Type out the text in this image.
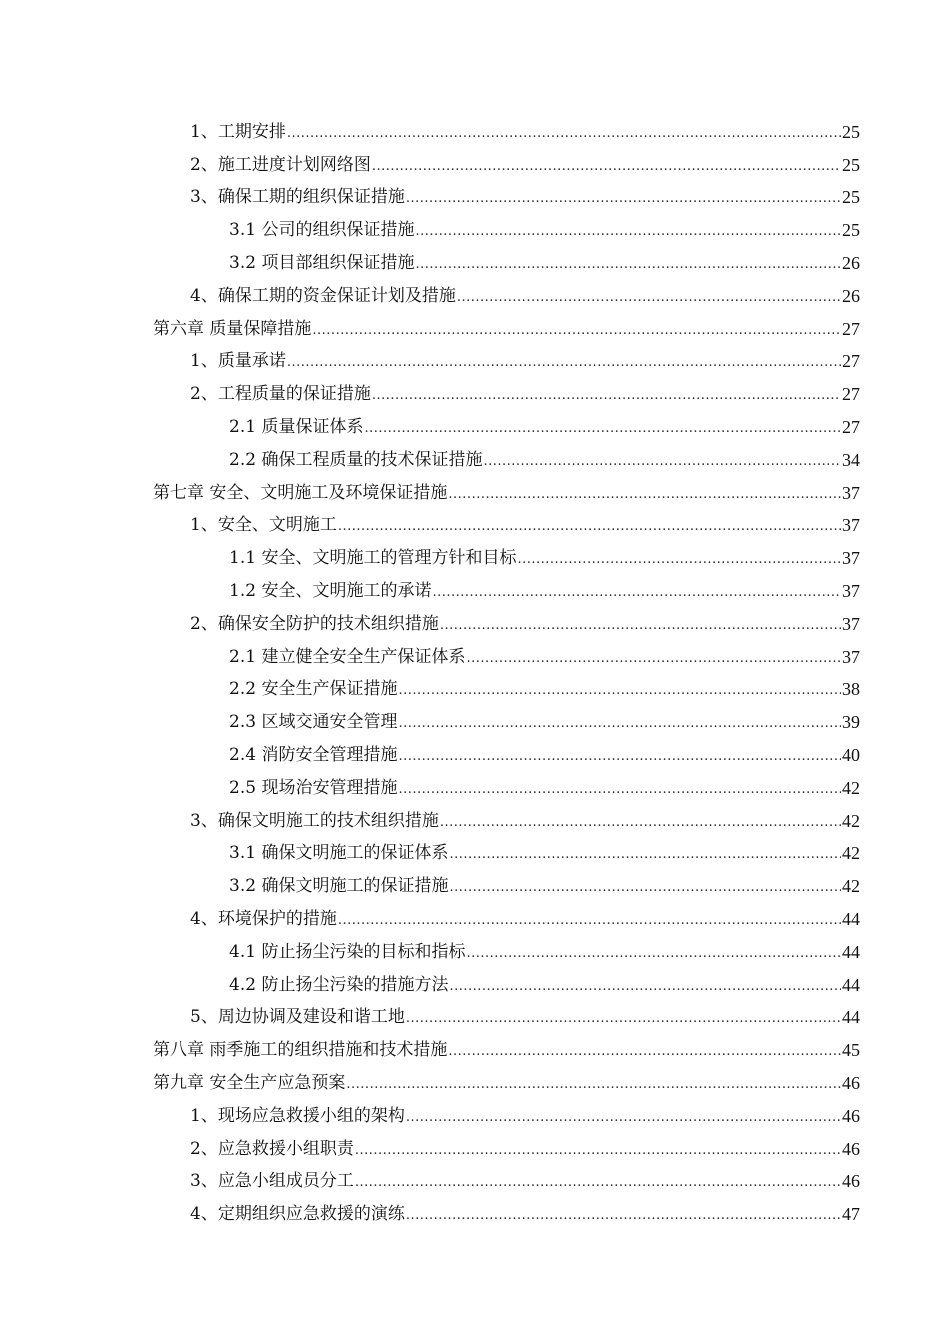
1、工期安排 .....	25
2、施工进度计划网络图 .....	25
3、确保工期的组织保证措施 .....	25
3.1 公司的组织保证措施 .....	25
3.2 项目部组织保证措施 .....	26
4、确保工期的资金保证计划及措施 .....	26
第六章 质量保障措施 .....	27
1、质量承诺 .....	27
2、工程质量的保证措施 .....	27
2.1 质量保证体系 .....	27
2.2 确保工程质量的技术保证措施 .....	34
第七章 安全、文明施工及环境保证措施 .....	37
1、安全、文明施工 .....	37
1.1 安全、文明施工的管理方针和目标 .....	37
1.2 安全、文明施工的承诺 .....	37
2、确保安全防护的技术组织措施 .....	37
2.1 建立健全安全生产保证体系 .....	37
2.2 安全生产保证措施 .....	38
2.3 区域交通安全管理 .....	39
2.4 消防安全管理措施 .....	40
2.5 现场治安管理措施 .....	42
3、确保文明施工的技术组织措施 .....	42
3.1 确保文明施工的保证体系 .....	42
3.2 确保文明施工的保证措施 .....	42
4、环境保护的措施 .....	44
4.1 防止扬尘污染的目标和指标 .....	44
4.2 防止扬尘污染的措施方法 .....	44
5、周边协调及建设和谐工地 .....	44
第八章 雨季施工的组织措施和技术措施 .....	45
第九章 安全生产应急预案 .....	46
1、现场应急救援小组的架构 .....	46
2、应急救援小组职责 .....	46
3、应急小组成员分工 .....	46
4、定期组织应急救援的演练 .....	47
